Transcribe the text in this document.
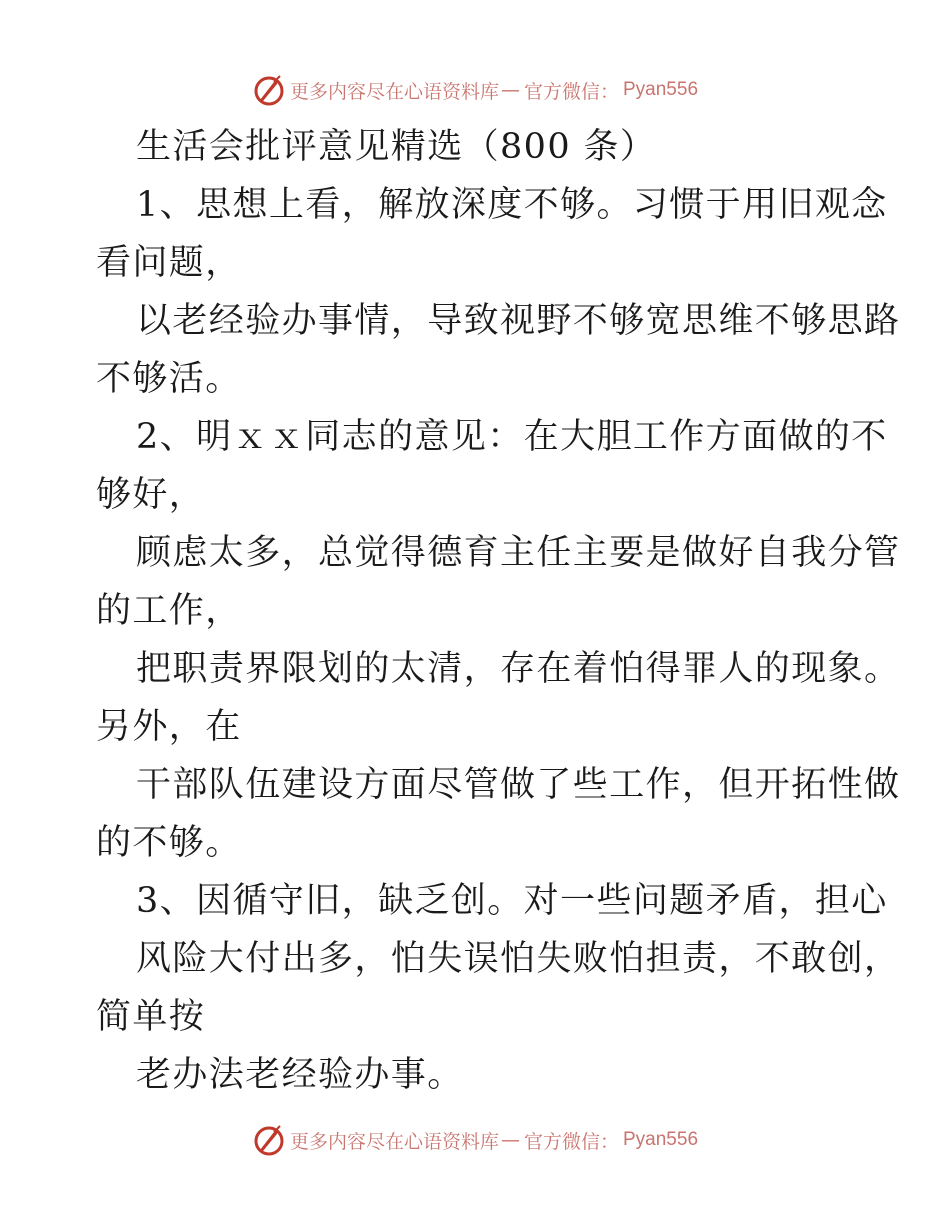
更多内容尽在心语资料库 — 官方微信： Pyan556
生活会批评意见精选（800 条）
1、思想上看，解放深度不够。习惯于用旧观念
看问题，
以老经验办事情，导致视野不够宽思维不够思路
不够活。
2、明ｘｘ同志的意见：在大胆工作方面做的不
够好，
顾虑太多，总觉得德育主任主要是做好自我分管
的工作，
把职责界限划的太清，存在着怕得罪人的现象。
另外，在
干部队伍建设方面尽管做了些工作，但开拓性做
的不够。
3、因循守旧，缺乏创。对一些问题矛盾，担心
风险大付出多，怕失误怕失败怕担责，不敢创，
简单按
老办法老经验办事。
更多内容尽在心语资料库 — 官方微信： Pyan556
